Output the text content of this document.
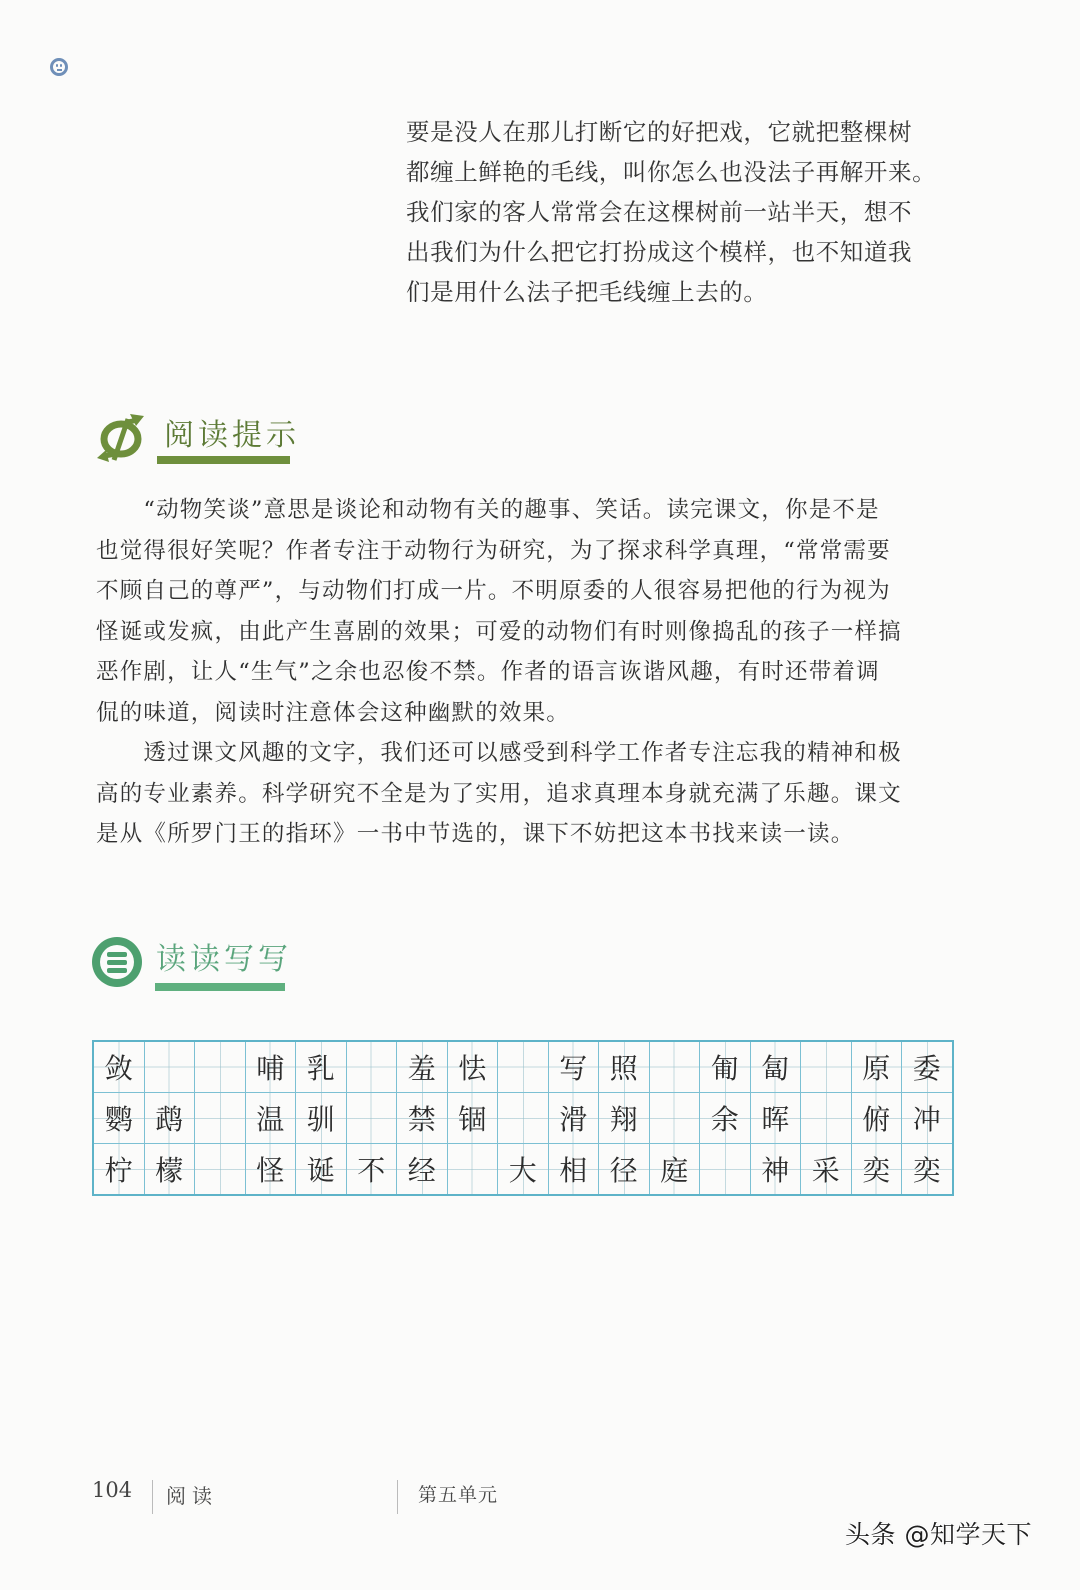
要是没人在那儿打断它的好把戏，它就把整棵树

都缠上鲜艳的毛线，叫你怎么也没法子再解开来。

我们家的客人常常会在这棵树前一站半天，想不

出我们为什么把它打扮成这个模样，也不知道我

们是用什么法子把毛线缠上去的。

阅读提示

　　“动物笑谈”意思是谈论和动物有关的趣事、笑话。读完课文，你是不是

也觉得很好笑呢？作者专注于动物行为研究，为了探求科学真理，“常常需要

不顾自己的尊严”，与动物们打成一片。不明原委的人很容易把他的行为视为

怪诞或发疯，由此产生喜剧的效果；可爱的动物们有时则像捣乱的孩子一样搞

恶作剧，让人“生气”之余也忍俊不禁。作者的语言诙谐风趣，有时还带着调

侃的味道，阅读时注意体会这种幽默的效果。

　　透过课文风趣的文字，我们还可以感受到科学工作者专注忘我的精神和极

高的专业素养。科学研究不全是为了实用，追求真理本身就充满了乐趣。课文

是从《所罗门王的指环》一书中节选的，课下不妨把这本书找来读一读。

读读写写
敛			哺	乳		羞	怯		写	照		匍	匐		原	委
鹦	鹉		温	驯		禁	锢		滑	翔		余	晖		俯	冲
柠	檬		怪	诞	不	经		大	相	径	庭		神	采	奕	奕
104 阅读	第五单元
头条 @知学天下
